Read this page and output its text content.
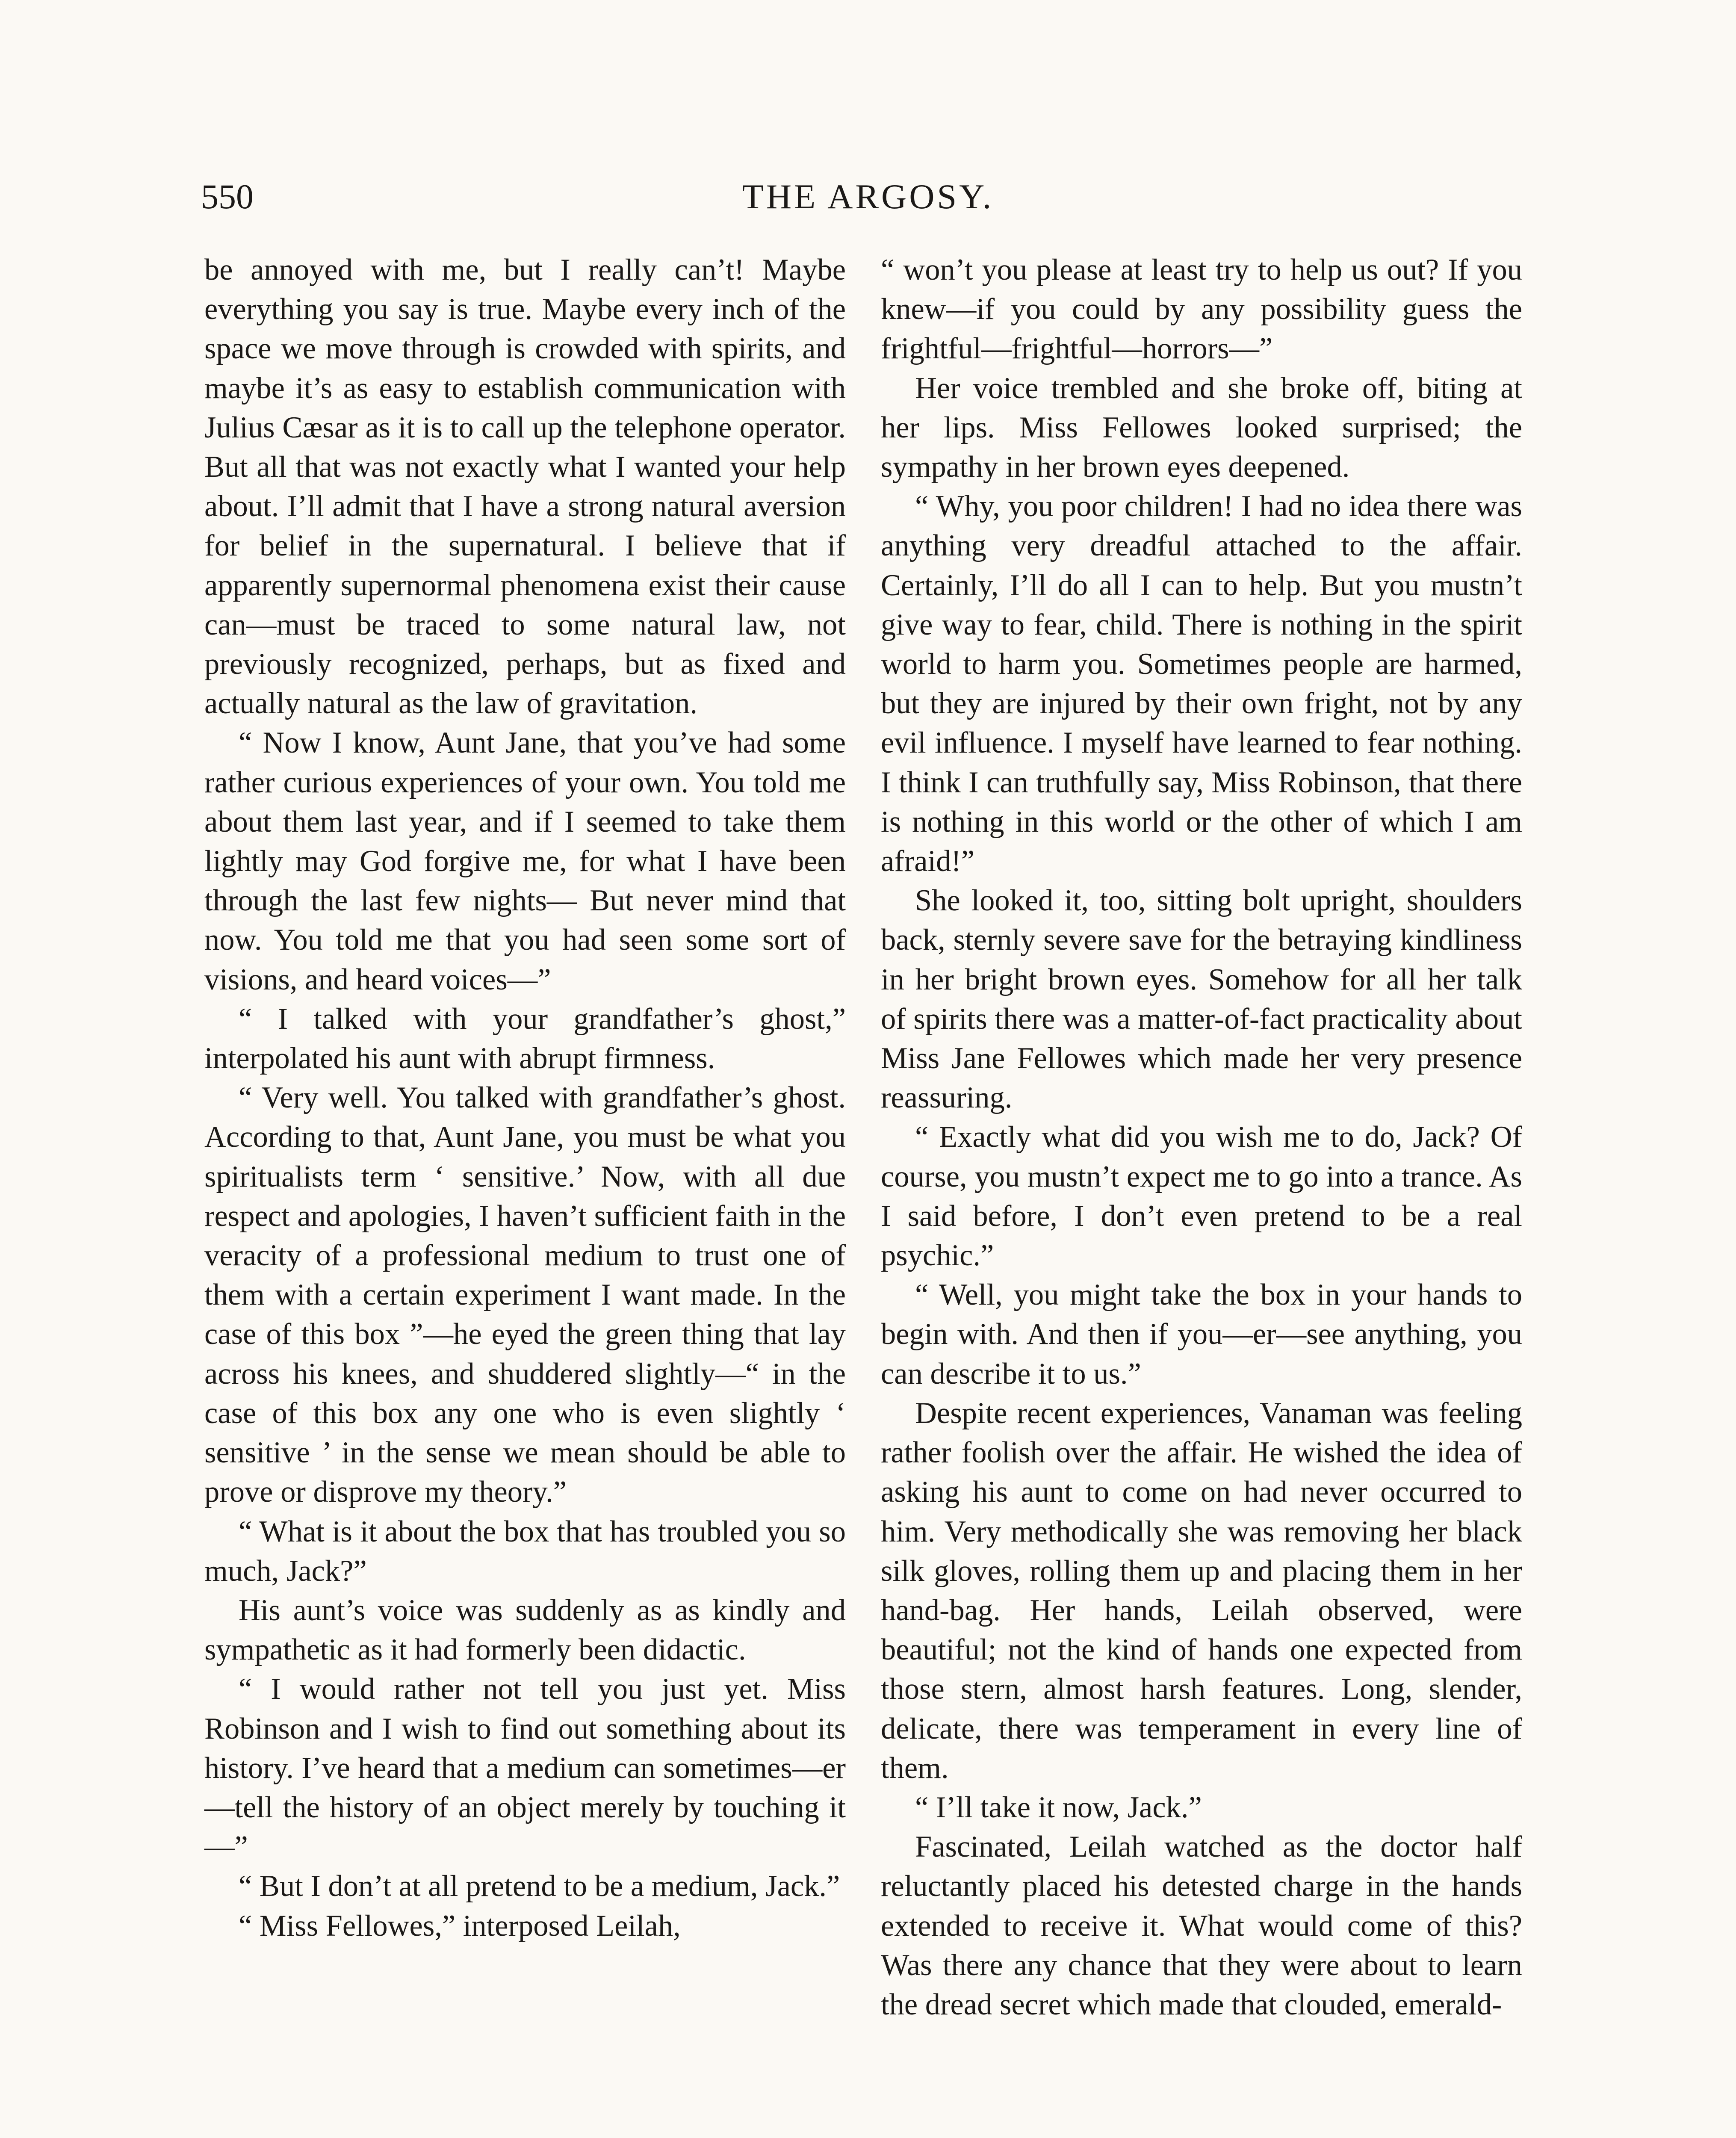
550	THE ARGOSY.

be annoyed with me, but I really can’t! Maybe everything you say is true. Maybe every inch of the space we move through is crowded with spirits, and maybe it’s as easy to establish communication with Julius Cæsar as it is to call up the telephone operator. But all that was not exactly what I wanted your help about. I’ll admit that I have a strong natural aversion for belief in the supernatural. I believe that if apparently supernormal phenomena exist their cause can—must be traced to some natural law, not previously recognized, perhaps, but as fixed and actually natural as the law of gravitation.

“ Now I know, Aunt Jane, that you’ve had some rather curious experiences of your own. You told me about them last year, and if I seemed to take them lightly may God forgive me, for what I have been through the last few nights— But never mind that now. You told me that you had seen some sort of visions, and heard voices—”

“ I talked with your grandfather’s ghost,” interpolated his aunt with abrupt firmness.

“ Very well. You talked with grandfather’s ghost. According to that, Aunt Jane, you must be what you spiritualists term ‘ sensitive.’ Now, with all due respect and apologies, I haven’t sufficient faith in the veracity of a professional medium to trust one of them with a certain experiment I want made. In the case of this box ”—he eyed the green thing that lay across his knees, and shuddered slightly—“ in the case of this box any one who is even slightly ‘ sensitive ’ in the sense we mean should be able to prove or disprove my theory.”

“ What is it about the box that has troubled you so much, Jack?”

His aunt’s voice was suddenly as as kindly and sympathetic as it had formerly been didactic.

“ I would rather not tell you just yet. Miss Robinson and I wish to find out something about its history. I’ve heard that a medium can sometimes—er—tell the history of an object merely by touching it—”

“ But I don’t at all pretend to be a medium, Jack.”

“ Miss Fellowes,” interposed Leilah,

“ won’t you please at least try to help us out? If you knew—if you could by any possibility guess the frightful—frightful—horrors—”

Her voice trembled and she broke off, biting at her lips. Miss Fellowes looked surprised; the sympathy in her brown eyes deepened.

“ Why, you poor children! I had no idea there was anything very dreadful attached to the affair. Certainly, I’ll do all I can to help. But you mustn’t give way to fear, child. There is nothing in the spirit world to harm you. Sometimes people are harmed, but they are injured by their own fright, not by any evil influence. I myself have learned to fear nothing. I think I can truthfully say, Miss Robinson, that there is nothing in this world or the other of which I am afraid!”

She looked it, too, sitting bolt upright, shoulders back, sternly severe save for the betraying kindliness in her bright brown eyes. Somehow for all her talk of spirits there was a matter-of-fact practicality about Miss Jane Fellowes which made her very presence reassuring.

“ Exactly what did you wish me to do, Jack? Of course, you mustn’t expect me to go into a trance. As I said before, I don’t even pretend to be a real psychic.”

“ Well, you might take the box in your hands to begin with. And then if you—er—see anything, you can describe it to us.”

Despite recent experiences, Vanaman was feeling rather foolish over the affair. He wished the idea of asking his aunt to come on had never occurred to him. Very methodically she was removing her black silk gloves, rolling them up and placing them in her hand-bag. Her hands, Leilah observed, were beautiful; not the kind of hands one expected from those stern, almost harsh features. Long, slender, delicate, there was temperament in every line of them.

“ I’ll take it now, Jack.”

Fascinated, Leilah watched as the doctor half reluctantly placed his detested charge in the hands extended to receive it. What would come of this? Was there any chance that they were about to learn the dread secret which made that clouded, emerald-
